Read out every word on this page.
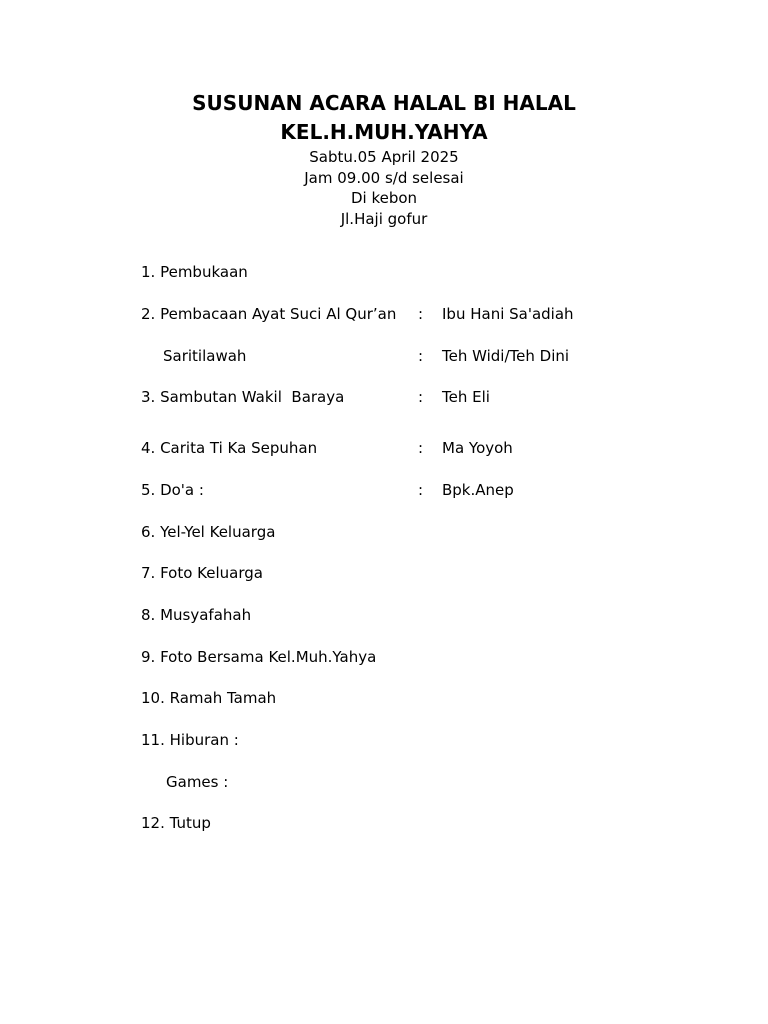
SUSUNAN ACARA HALAL BI HALAL
KEL.H.MUH.YAHYA

Sabtu.05 April 2025

Jam 09.00 s/d selesai

Di kebon

Jl.Haji gofur

1. Pembukaan
2. Pembacaan Ayat Suci Al Qur’an : Ibu Hani Sa'adiah
Saritilawah	: Teh Widi/Teh Dini
3. Sambutan Wakil  Baraya	: Teh Eli
4. Carita Ti Ka Sepuhan	: Ma Yoyoh
5. Do'a :	: Bpk.Anep
6. Yel-Yel Keluarga
7. Foto Keluarga
8. Musyafahah
9. Foto Bersama Kel.Muh.Yahya
10. Ramah Tamah
11. Hiburan :
Games :
12. Tutup
